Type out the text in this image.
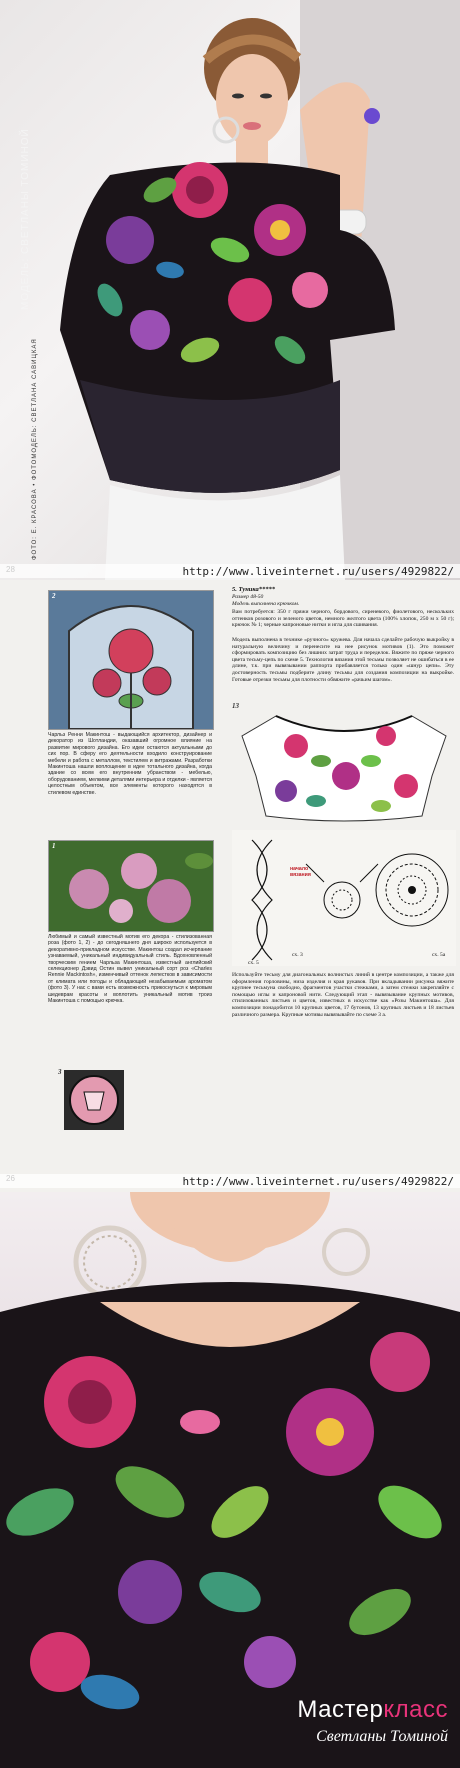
МОДЕЛЬ: СВЕТЛАНЫ ТОМИНОЙ
ФОТО: Е. КРАСОВА • ФОТОМОДЕЛЬ: СВЕТЛАНА САВИЦКАЯ
http://www.liveinternet.ru/users/4929822/
2
Чарльз Ренни Макинтош - выдающийся архитектор, дизайнер и декоратор из Шотландии, оказавший огромное влияние на развитие мирового дизайна. Его идеи остаются актуальными до сих пор. В сферу его деятельности входило конструирование мебели и работа с металлом, текстилем и витражами. Разработки Макинтоша нашли воплощение в идее тотального дизайна, когда здание со всем его внутренним убранством - мебелью, оборудованием, мелкими деталями интерьера и отделки - является целостным объектом, все элементы которого находятся в стилевом единстве.
1
Любимый и самый известный мотив его декора - стилизованная роза (фото 1, 2) - до сегодняшнего дня широко используется в декоративно-прикладном искусстве. Макинтош создал исчерпание узнаваемый, уникальный индивидуальный стиль. Вдохновленный творческим гением Чарльза Макинтоша, известный английский селекционер Дэвид Остин вывел уникальный сорт роз «Charles Rennie Mackintosh», изменчивый оттенок лепестков в зависимости от климата или погоды и обладающий незабываемым ароматом (фото 3). У нас с вами есть возможность прикоснуться к мировым шедеврам красоты и воплотить уникальный мотив троиз Макинтоша с помощью крючка.
3
5. Туника*****
Размер 48-50
Модель выполнена крючком.
Вам потребуется: 350 г пряжи черного, бордового, сиреневого, фиолетового, нескольких оттенков розового и зеленого цветов, немного желтого цвета (100% хлопок, 250 м х 50 г); крючок № 1; черные капроновые нитки и игла для сшивания.
Модель выполнена в технике «ручного» кружева. Для начала сделайте рабочую выкройку в натуральную величину и перенесите на нее рисунок мотивов (1). Это поможет сформировать композицию без лишних затрат труда и переделок. Вяжите по пряже черного цвета тесьму-цепь по схеме 5. Технология вязания этой тесьмы позволяет не ошибаться в ее длине, т.к. при вывязывании раппорта прибавляется только один «шнур цепи». Эту достоверность тесьмы подберите длину тесьмы для создания композиции на выкройке. Готовые отрезки тесьмы для плотности обвяжите «рачьим шагом».
13
начало вязания
сх. 3	сх. 5а
сх. 5
Используйте тесьму для диагональных волнистых линий в центре композиции, а также для оформления горловины, низа изделия и края рукавов. При вкладывании рисунка вяжите крупнее тесьмуна свободно, фрагментов участки стежками, а затем стежки закрепляйте с помощью иглы и капроновой нити. Следующий этап - вывязывание крупных мотивов, стилизованных листьев и цветов, известных в искусстве как «Розы Макинтоша». Для композиции понадобится 10 крупных цветов, 17 бутонов, 13 крупных листьев и 18 листьев различного размера. Крупные мотивы вывязывайте по схеме 3 а.
http://www.liveinternet.ru/users/4929822/
Мастеркласс
Светланы Томиной
